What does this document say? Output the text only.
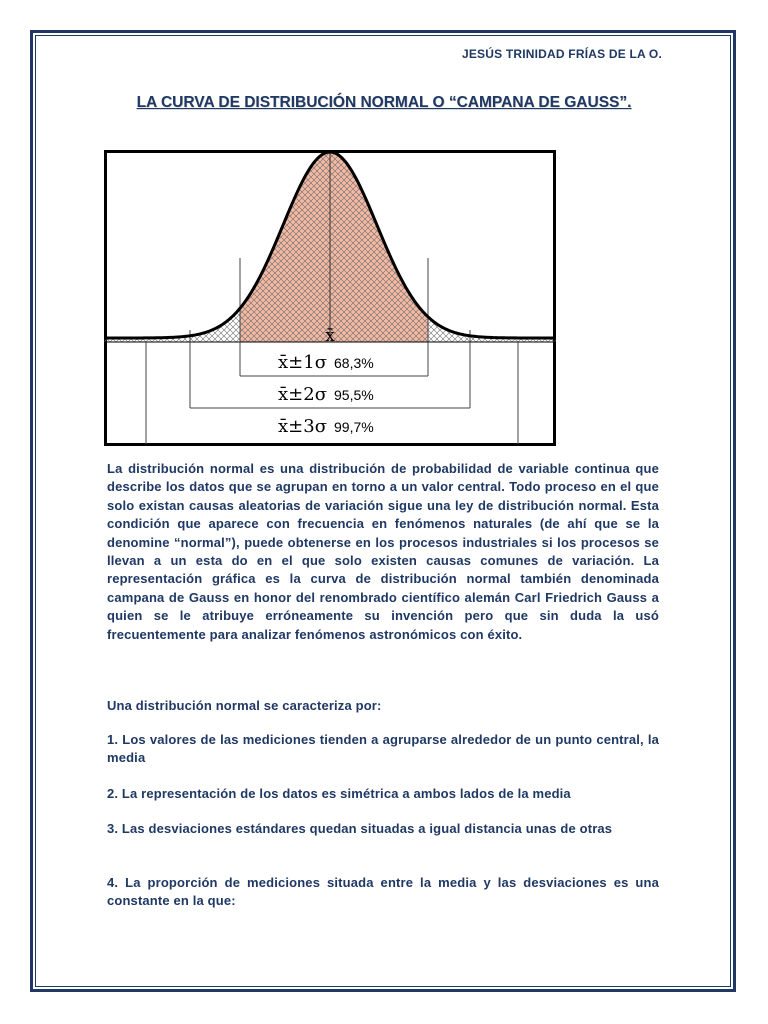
JESÚS TRINIDAD FRÍAS DE LA O.
LA CURVA DE DISTRIBUCIÓN NORMAL O “CAMPANA DE GAUSS”.
x̄
x̄±1σ 68,3%
x̄±2σ 95,5%
x̄±3σ 99,7%

La distribución normal es una distribución de probabilidad de variable continua que describe los datos que se agrupan en torno a un valor central. Todo proceso en el que solo existan causas aleatorias de variación sigue una ley de distribución normal. Esta condición que aparece con frecuencia en fenómenos naturales (de ahí que se la denomine “normal”), puede obtenerse en los procesos industriales si los procesos se llevan a un esta do en el que solo existen causas comunes de variación. La representación gráfica es la curva de distribución normal también denominada campana de Gauss en honor del renombrado científico alemán Carl Friedrich Gauss a quien se le atribuye erróneamente su invención pero que sin duda la usó frecuentemente para analizar fenómenos astronómicos con éxito.

Una distribución normal se caracteriza por:

1. Los valores de las mediciones tienden a agruparse alrededor de un punto central, la media

2. La representación de los datos es simétrica a ambos lados de la media

3. Las desviaciones estándares quedan situadas a igual distancia unas de otras

4. La proporción de mediciones situada entre la media y las desviaciones es una constante en la que:
